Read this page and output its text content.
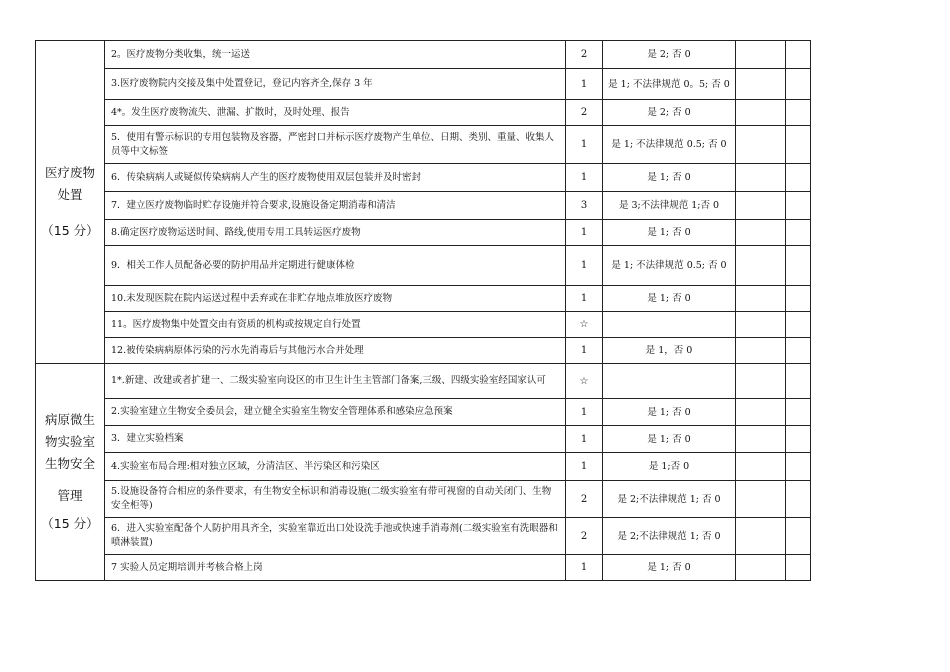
医疗废物
处置
（15 分）	2。医疗废物分类收集，统一运送	2	是 2; 否 0		
	3.医疗废物院内交接及集中处置登记，登记内容齐全,保存 3 年	1	是 1; 不法律规范 0。5; 否 0		
	4*。发生医疗废物流失、泄漏、扩散时，及时处理、报告	2	是 2; 否 0		
	5．使用有警示标识的专用包装物及容器，严密封口并标示医疗废物产生单位、日期、类别、重量、收集人员等中文标签	1	是 1; 不法律规范 0.5; 否 0		
	6．传染病病人或疑似传染病病人产生的医疗废物使用双层包装并及时密封	1	是 1; 否 0		
	7．建立医疗废物临时贮存设施并符合要求,设施设备定期消毒和清洁	3	是 3;不法律规范 1;否 0		
	8.确定医疗废物运送时间、路线,使用专用工具转运医疗废物	1	是 1; 否 0		
	9．相关工作人员配备必要的防护用品并定期进行健康体检	1	是 1; 不法律规范 0.5; 否 0		
	10.未发现医院在院内运送过程中丢弃或在非贮存地点堆放医疗废物	1	是 1; 否 0		
	11。医疗废物集中处置交由有资质的机构或按规定自行处置	☆			
	12.被传染病病原体污染的污水先消毒后与其他污水合并处理	1	是 1，否 0		

病原微生
物实验室
生物安全
管理
（15 分）	1*.新建、改建或者扩建一、二级实验室向设区的市卫生计生主管部门备案,三级、四级实验室经国家认可	☆			
	2.实验室建立生物安全委员会，建立健全实验室生物安全管理体系和感染应急预案	1	是 1; 否 0		
	3．建立实验档案	1	是 1; 否 0		
	4.实验室布局合理:相对独立区域，分清洁区、半污染区和污染区	1	是 1;否 0		
	5.设施设备符合相应的条件要求，有生物安全标识和消毒设施(二级实验室有带可视窗的自动关闭门、生物安全柜等)	2	是 2;不法律规范 1; 否 0		
	6．进入实验室配备个人防护用具齐全，实验室靠近出口处设洗手池或快速手消毒剂(二级实验室有洗眼器和喷淋装置)	2	是 2;不法律规范 1; 否 0		
	7 实验人员定期培训并考核合格上岗	1	是 1; 否 0		
